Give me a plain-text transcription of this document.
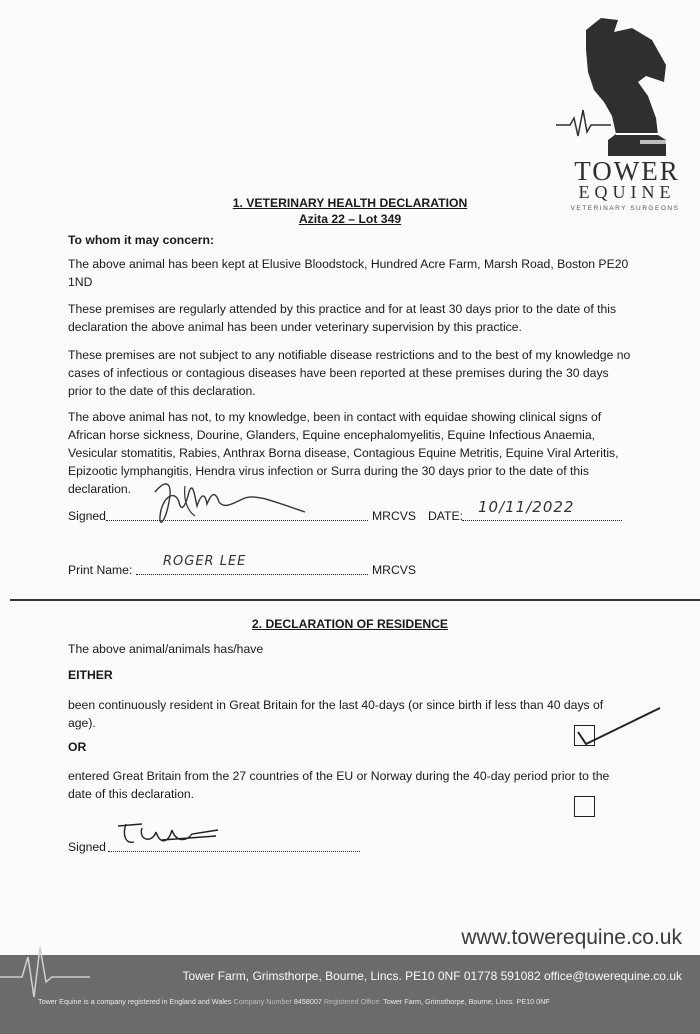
TOWER
EQUINE
VETERINARY SURGEONS
1. VETERINARY HEALTH DECLARATION
Azita 22 – Lot 349
To whom it may concern:
The above animal has been kept at Elusive Bloodstock, Hundred Acre Farm, Marsh Road, Boston PE20 1ND
These premises are regularly attended by this practice and for at least 30 days prior to the date of this declaration the above animal has been under veterinary supervision by this practice.
These premises are not subject to any notifiable disease restrictions and to the best of my knowledge no cases of infectious or contagious diseases have been reported at these premises during the 30 days prior to the date of this declaration.
The above animal has not, to my knowledge, been in contact with equidae showing clinical signs of African horse sickness, Dourine, Glanders, Equine encephalomyelitis, Equine Infectious Anaemia, Vesicular stomatitis, Rabies, Anthrax Borna disease, Contagious Equine Metritis, Equine Viral Arteritis, Epizootic lymphangitis, Hendra virus infection or Surra during the 30 days prior to the date of this declaration.
Signed	MRCVS DATE: 10/11/2022
Print Name:
ROGER LEE
MRCVS
2. DECLARATION OF RESIDENCE
The above animal/animals has/have
EITHER
been continuously resident in Great Britain for the last 40-days (or since birth if less than 40 days of age).
OR
entered Great Britain from the 27 countries of the EU or Norway during the 40-day period prior to the date of this declaration.
Signed
www.towerequine.co.uk
Tower Farm, Grimsthorpe, Bourne, Lincs. PE10 0NF 01778 591082 office@towerequine.co.uk
Tower Equine is a company registered in England and Wales Company Number 8458007 Registered Office: Tower Farm, Grimsthorpe, Bourne, Lincs. PE10 0NF
